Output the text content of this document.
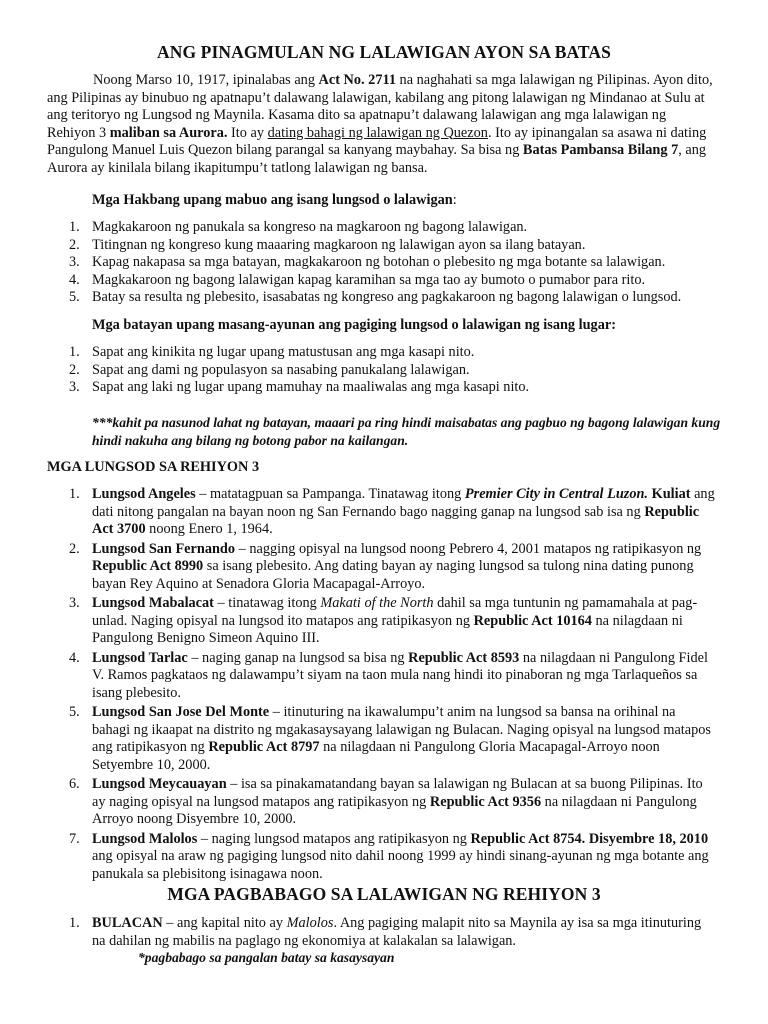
ANG PINAGMULAN NG LALAWIGAN AYON SA BATAS
Noong Marso 10, 1917, ipinalabas ang Act No. 2711 na naghahati sa mga lalawigan ng Pilipinas. Ayon dito, ang Pilipinas ay binubuo ng apatnapu’t dalawang lalawigan, kabilang ang pitong lalawigan ng Mindanao at Sulu at ang teritoryo ng Lungsod ng Maynila. Kasama dito sa apatnapu’t dalawang lalawigan ang mga lalawigan ng Rehiyon 3 maliban sa Aurora. Ito ay dating bahagi ng lalawigan ng Quezon. Ito ay ipinangalan sa asawa ni dating Pangulong Manuel Luis Quezon bilang parangal sa kanyang maybahay. Sa bisa ng Batas Pambansa Bilang 7, ang Aurora ay kinilala bilang ikapitumpu’t tatlong lalawigan ng bansa.
Mga Hakbang upang mabuo ang isang lungsod o lalawigan:
1. Magkakaroon ng panukala sa kongreso na magkaroon ng bagong lalawigan.
2. Titingnan ng kongreso kung maaaring magkaroon ng lalawigan ayon sa ilang batayan.
3. Kapag nakapasa sa mga batayan, magkakaroon ng botohan o plebesito ng mga botante sa lalawigan.
4. Magkakaroon ng bagong lalawigan kapag karamihan sa mga tao ay bumoto o pumabor para rito.
5. Batay sa resulta ng plebesito, isasabatas ng kongreso ang pagkakaroon ng bagong lalawigan o lungsod.
Mga batayan upang masang-ayunan ang pagiging lungsod o lalawigan ng isang lugar:
1. Sapat ang kinikita ng lugar upang matustusan ang mga kasapi nito.
2. Sapat ang dami ng populasyon sa nasabing panukalang lalawigan.
3. Sapat ang laki ng lugar upang mamuhay na maaliwalas ang mga kasapi nito.
***kahit pa nasunod lahat ng batayan, maaari pa ring hindi maisabatas ang pagbuo ng bagong lalawigan kung hindi nakuha ang bilang ng botong pabor na kailangan.
MGA LUNGSOD SA REHIYON 3
1. Lungsod Angeles – matatagpuan sa Pampanga. Tinatawag itong Premier City in Central Luzon. Kuliat ang dati nitong pangalan na bayan noon ng San Fernando bago nagging ganap na lungsod sab isa ng Republic Act 3700 noong Enero 1, 1964.
2. Lungsod San Fernando – nagging opisyal na lungsod noong Pebrero 4, 2001 matapos ng ratipikasyon ng Republic Act 8990 sa isang plebesito. Ang dating bayan ay naging lungsod sa tulong nina dating punong bayan Rey Aquino at Senadora Gloria Macapagal-Arroyo.
3. Lungsod Mabalacat – tinatawag itong Makati of the North dahil sa mga tuntunin ng pamamahala at pag-unlad. Naging opisyal na lungsod ito matapos ang ratipikasyon ng Republic Act 10164 na nilagdaan ni Pangulong Benigno Simeon Aquino III.
4. Lungsod Tarlac – naging ganap na lungsod sa bisa ng Republic Act 8593 na nilagdaan ni Pangulong Fidel V. Ramos pagkataos ng dalawampu’t siyam na taon mula nang hindi ito pinaboran ng mga Tarlaqueños sa isang plebesito.
5. Lungsod San Jose Del Monte – itinuturing na ikawalumpu’t anim na lungsod sa bansa na orihinal na bahagi ng ikaapat na distrito ng mgakasaysayang lalawigan ng Bulacan. Naging opisyal na lungsod matapos ang ratipikasyon ng Republic Act 8797 na nilagdaan ni Pangulong Gloria Macapagal-Arroyo noon Setyembre 10, 2000.
6. Lungsod Meycauayan – isa sa pinakamatandang bayan sa lalawigan ng Bulacan at sa buong Pilipinas. Ito ay naging opisyal na lungsod matapos ang ratipikasyon ng Republic Act 9356 na nilagdaan ni Pangulong Arroyo noong Disyembre 10, 2000.
7. Lungsod Malolos – naging lungsod matapos ang ratipikasyon ng Republic Act 8754. Disyembre 18, 2010 ang opisyal na araw ng pagiging lungsod nito dahil noong 1999 ay hindi sinang-ayunan ng mga botante ang panukala sa plebisitong isinagawa noon.
MGA PAGBABAGO SA LALAWIGAN NG REHIYON 3
1. BULACAN – ang kapital nito ay Malolos. Ang pagiging malapit nito sa Maynila ay isa sa mga itinuturing na dahilan ng mabilis na paglago ng ekonomiya at kalakalan sa lalawigan.
*pagbabago sa pangalan batay sa kasaysayan
